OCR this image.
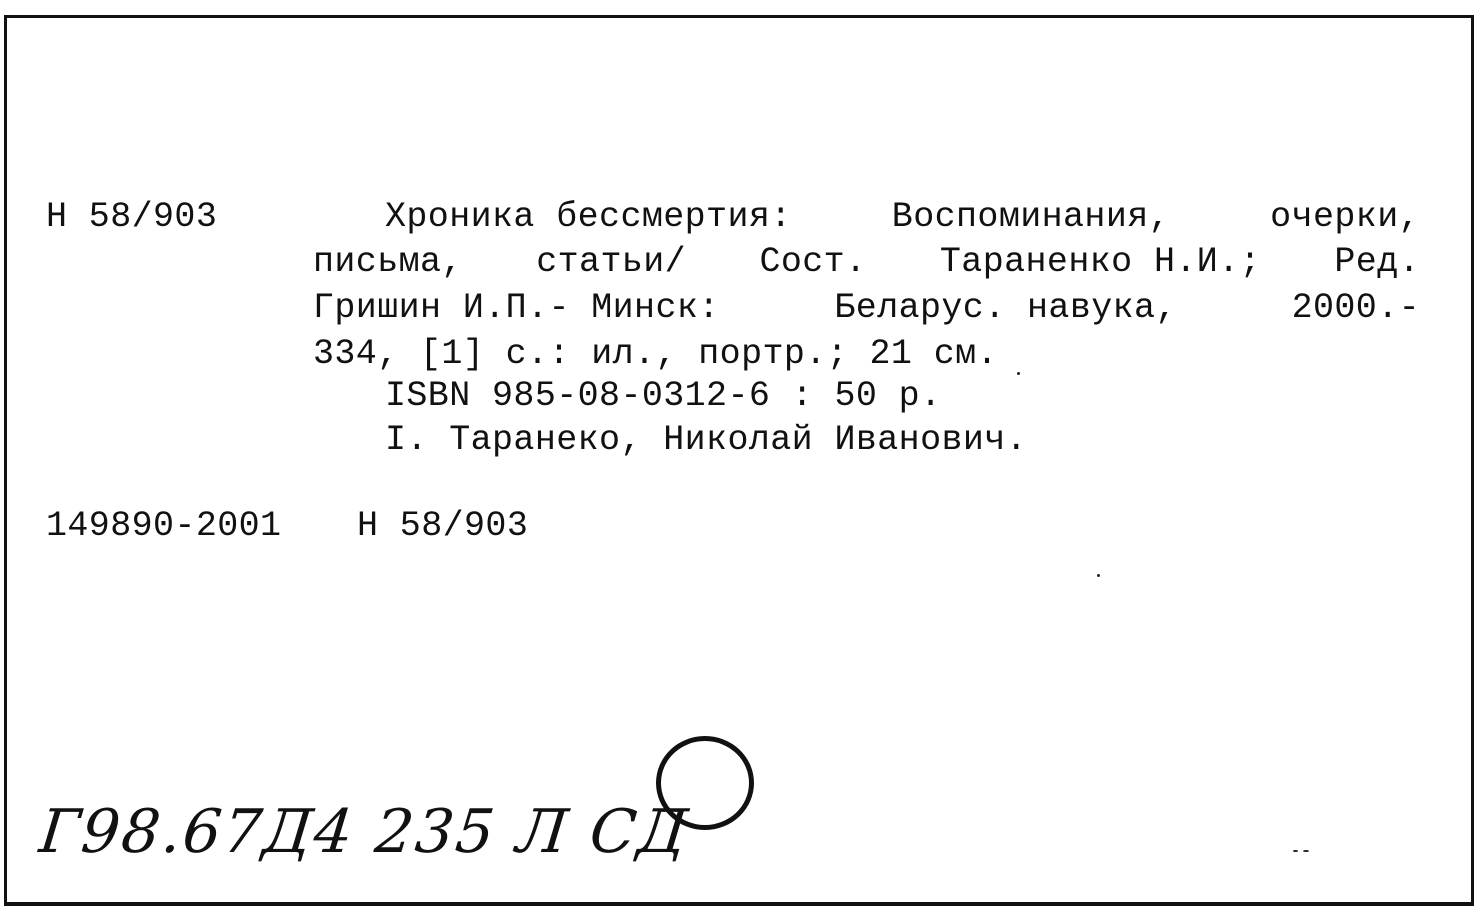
Н 58/903	Хроника бессмертия:	Воспоминания,	очерки,
письма, статьи/ Сост. Тараненко Н.И.; Ред.
Гришин И.П.- Минск:	Беларус. навука,	2000.-
334, [1] с.: ил., портр.; 21 см.
ISBN 985-08-0312-6 : 50 р.
I. Таранеко, Николай Иванович.
149890-2001 Н 58/903
Г98.67Д4 235 Л СД
